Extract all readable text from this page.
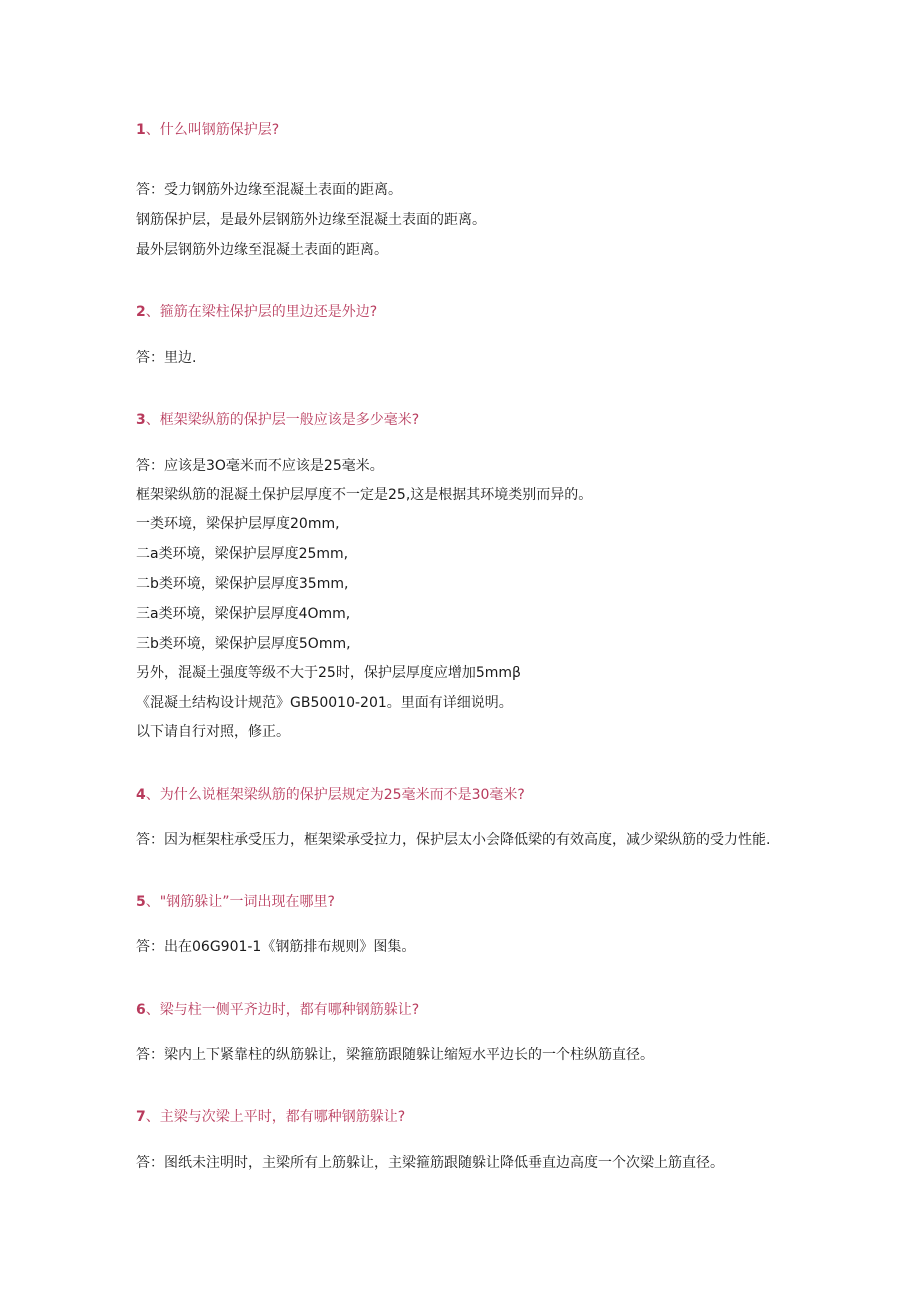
1、什么叫钢筋保护层?
答：受力钢筋外边缘至混凝土表面的距离。
钢筋保护层，是最外层钢筋外边缘至混凝土表面的距离。
最外层钢筋外边缘至混凝土表面的距离。
2、箍筋在梁柱保护层的里边还是外边?
答：里边.
3、框架梁纵筋的保护层一般应该是多少毫米?
答：应该是3O毫米而不应该是25毫米。
框架梁纵筋的混凝土保护层厚度不一定是25,这是根据其环境类别而异的。
一类环境，梁保护层厚度20mm,
二a类环境，梁保护层厚度25mm,
二b类环境，梁保护层厚度35mm,
三a类环境，梁保护层厚度4Omm,
三b类环境，梁保护层厚度5Omm,
另外，混凝土强度等级不大于25时，保护层厚度应增加5mmβ
《混凝土结构设计规范》GB50010-201。里面有详细说明。
以下请自行对照，修正。
4、为什么说框架梁纵筋的保护层规定为25毫米而不是30毫米?
答：因为框架柱承受压力，框架梁承受拉力，保护层太小会降低梁的有效高度，减少梁纵筋的受力性能.
5、"钢筋躲让”一词出现在哪里?
答：出在06G901-1《钢筋排布规则》图集。
6、梁与柱一侧平齐边时，都有哪种钢筋躲让?
答：梁内上下紧靠柱的纵筋躲让，梁箍筋跟随躲让缩短水平边长的一个柱纵筋直径。
7、主梁与次梁上平时，都有哪种钢筋躲让?
答：图纸未注明时，主梁所有上筋躲让，主梁箍筋跟随躲让降低垂直边高度一个次梁上筋直径。
